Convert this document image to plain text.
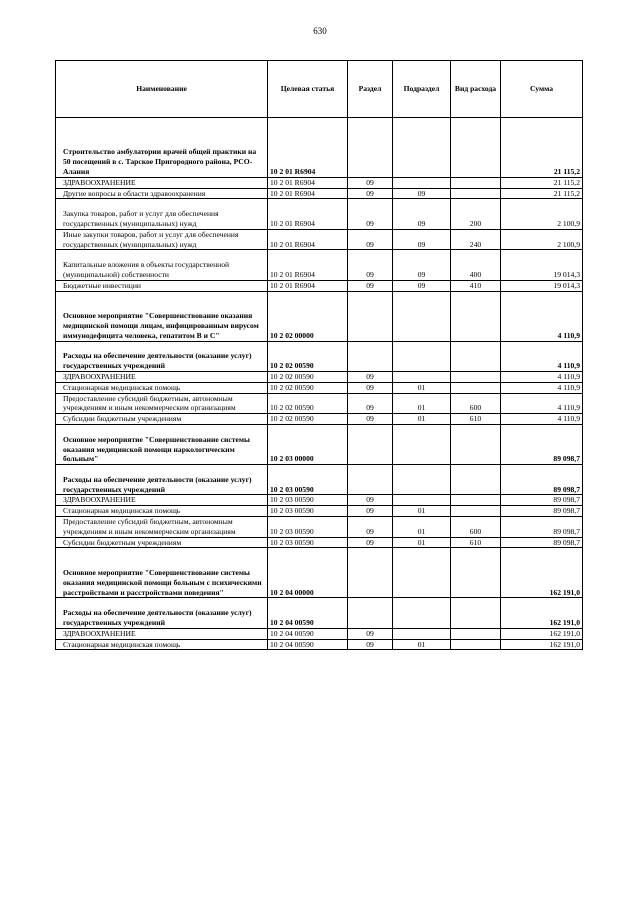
630
Наименование	Целевая статья	Раздел	Подраздел	Вид расхода	Сумма
Строительство амбулатории врачей общей практики на 50 посещений в с. Тарское Пригородного района, РСО-Алания	10 2 01 R6904				21 115,2
ЗДРАВООХРАНЕНИЕ	10 2 01 R6904	09			21 115,2
Другие вопросы в области здравоохранения	10 2 01 R6904	09	09		21 115,2
Закупка товаров, работ и услуг для обеспечения государственных (муниципальных) нужд	10 2 01 R6904	09	09	200	2 100,9
Иные закупки товаров, работ и услуг для обеспечения государственных (муниципальных) нужд	10 2 01 R6904	09	09	240	2 100,9
Капитальные вложения в объекты государственной (муниципальной) собственности	10 2 01 R6904	09	09	400	19 014,3
Бюджетные инвестиции	10 2 01 R6904	09	09	410	19 014,3
Основное мероприятие "Совершенствование оказания медицинской помощи лицам, инфицированным вирусом иммунодефицита человека, гепатитом В и С"	10 2 02 00000				4 110,9
Расходы на обеспечение деятельности (оказание услуг) государственных учреждений	10 2 02 00590				4 110,9
ЗДРАВООХРАНЕНИЕ	10 2 02 00590	09			4 110,9
Стационарная медицинская помощь	10 2 02 00590	09	01		4 110,9
Предоставление субсидий бюджетным, автономным учреждениям и иным некоммерческим организациям	10 2 02 00590	09	01	600	4 110,9
Субсидии бюджетным учреждениям	10 2 02 00590	09	01	610	4 110,9
Основное мероприятие "Совершенствование системы оказания медицинской помощи наркологическим больным"	10 2 03 00000				89 098,7
Расходы на обеспечение деятельности (оказание услуг) государственных учреждений	10 2 03 00590				89 098,7
ЗДРАВООХРАНЕНИЕ	10 2 03 00590	09			89 098,7
Стационарная медицинская помощь	10 2 03 00590	09	01		89 098,7
Предоставление субсидий бюджетным, автономным учреждениям и иным некоммерческим организациям	10 2 03 00590	09	01	600	89 098,7
Субсидии бюджетным учреждениям	10 2 03 00590	09	01	610	89 098,7
Основное мероприятие "Совершенствование системы оказания медицинской помощи больным с психическими расстройствами и расстройствами поведения"	10 2 04 00000				162 191,0
Расходы на обеспечение деятельности (оказание услуг) государственных учреждений	10 2 04 00590				162 191,0
ЗДРАВООХРАНЕНИЕ	10 2 04 00590	09			162 191,0
Стационарная медицинская помощь	10 2 04 00590	09	01		162 191,0
